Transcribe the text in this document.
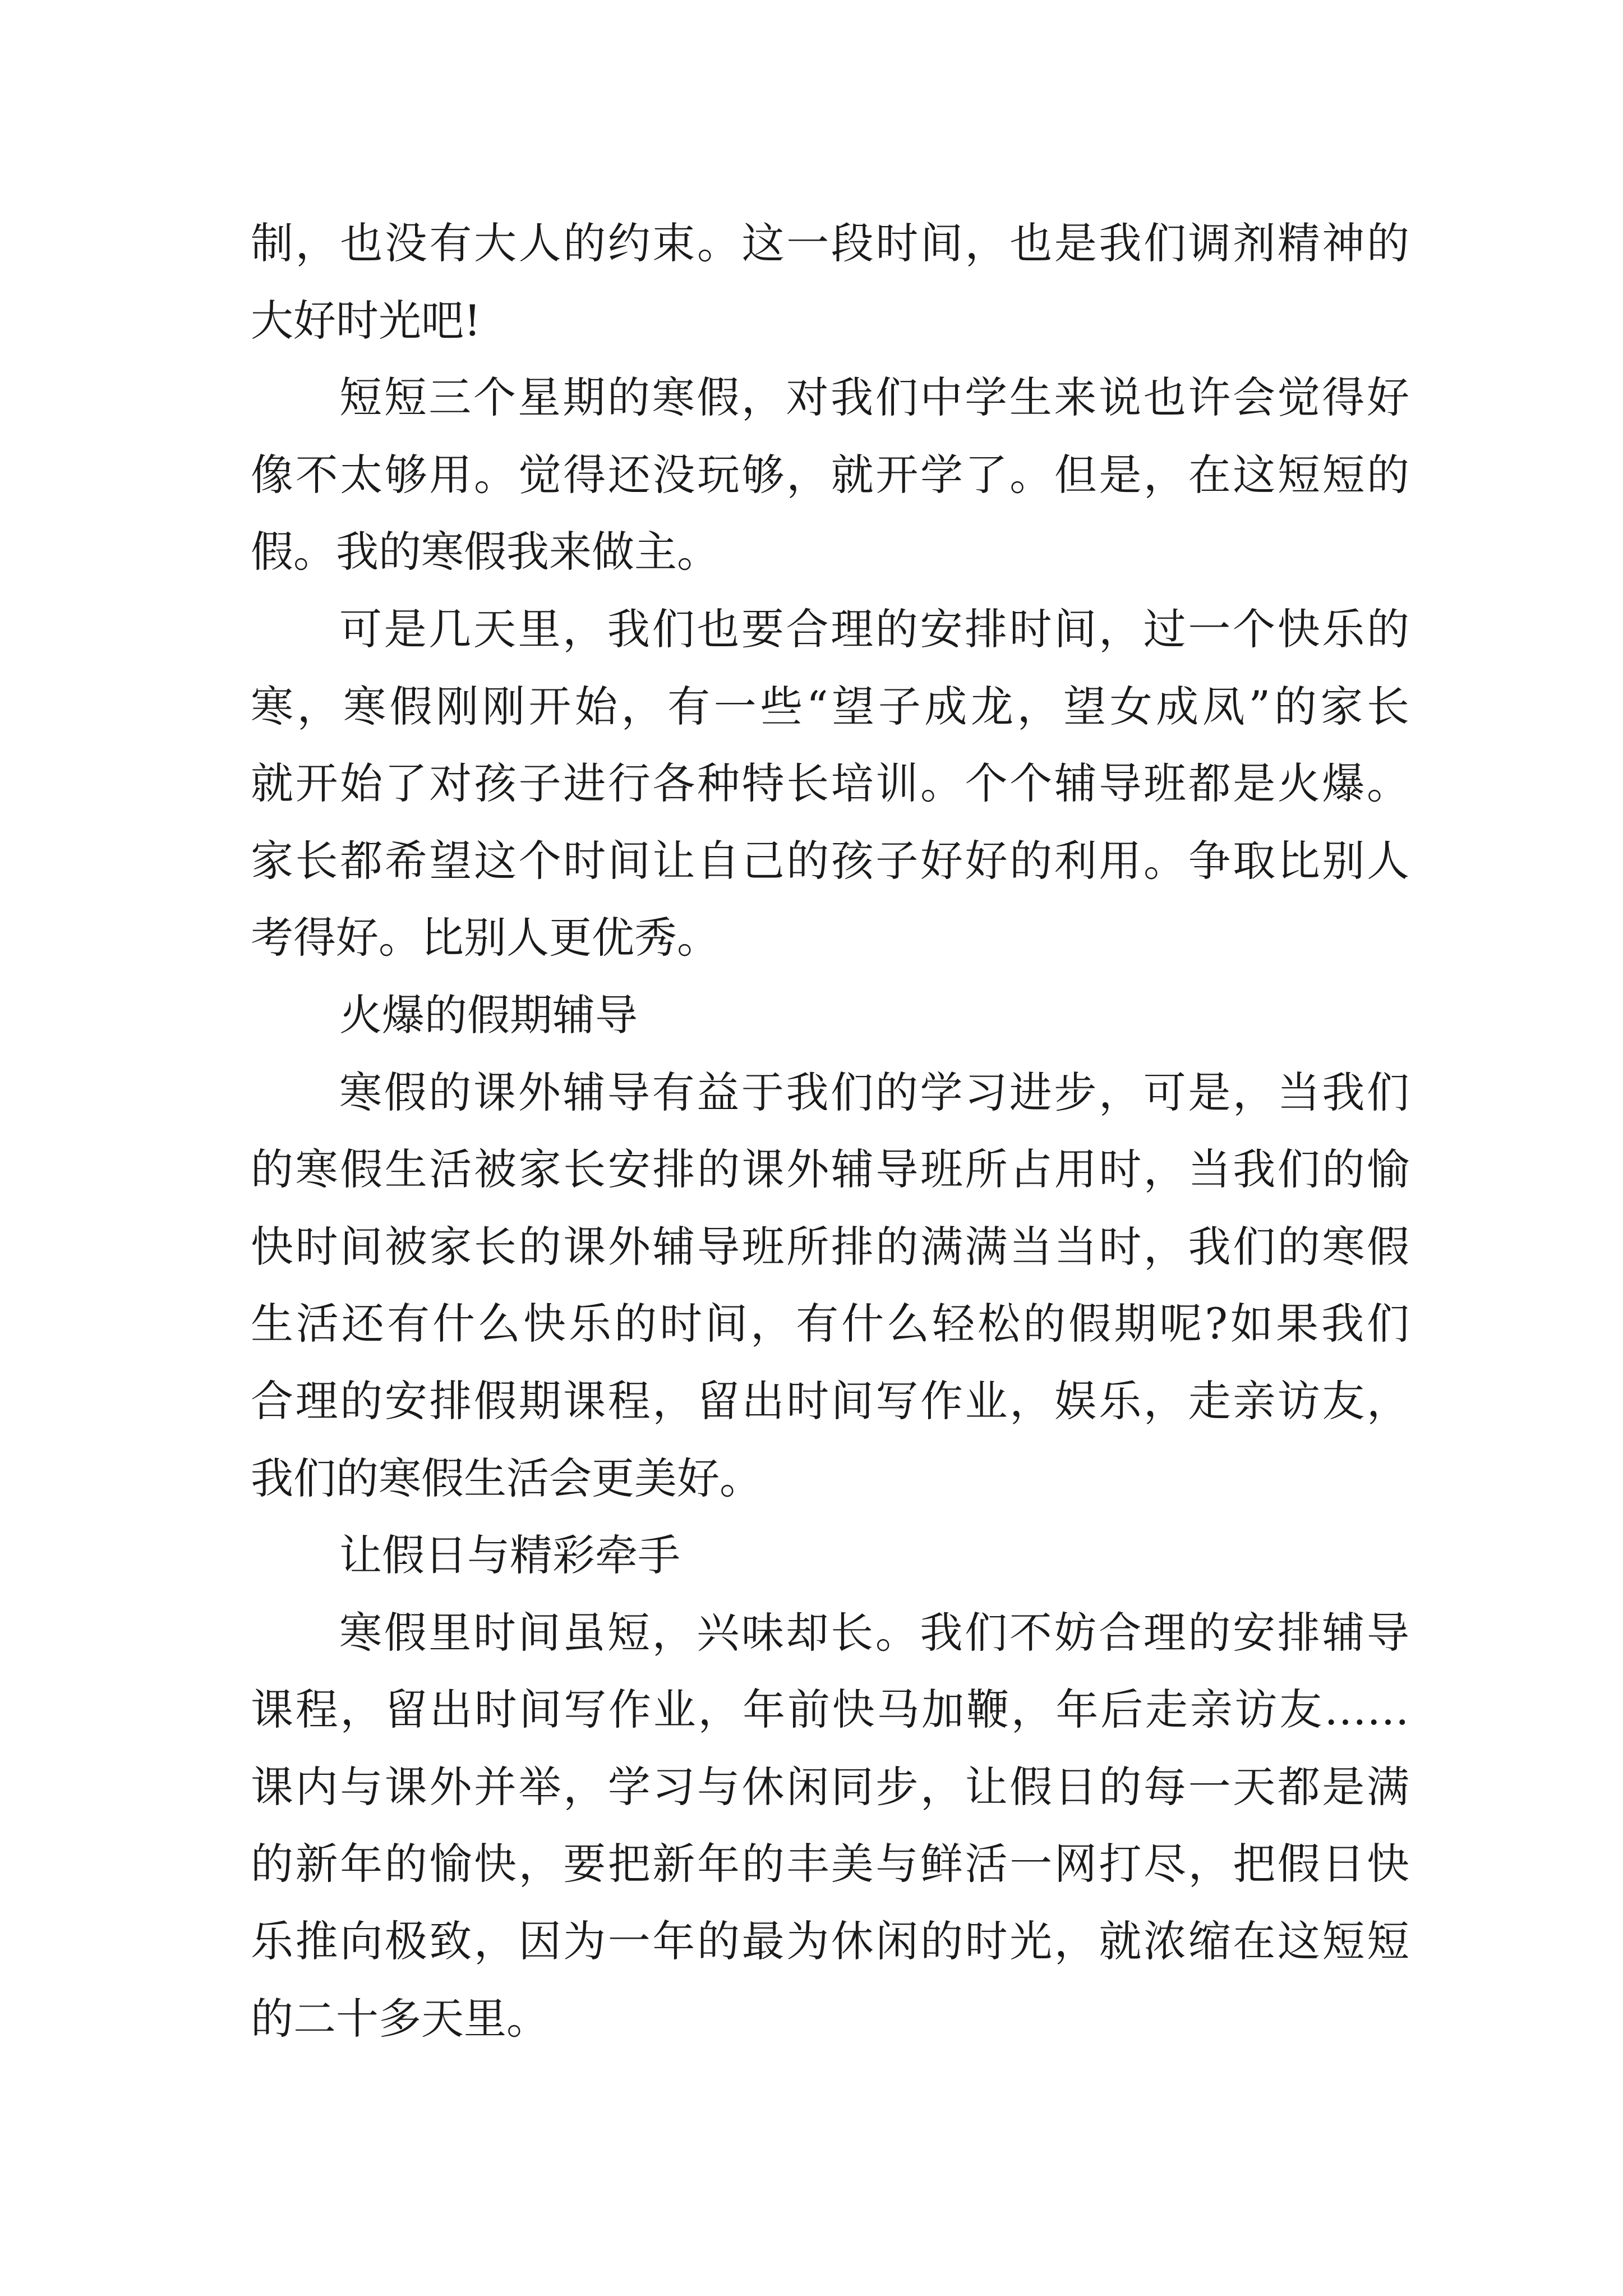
制，也没有大人的约束。这一段时间，也是我们调剂精神的
大好时光吧!
短短三个星期的寒假，对我们中学生来说也许会觉得好
像不太够用。觉得还没玩够，就开学了。但是，在这短短的
假。我的寒假我来做主。
可是几天里，我们也要合理的安排时间，过一个快乐的
寒，寒假刚刚开始，有一些“望子成龙，望女成凤”的家长
就开始了对孩子进行各种特长培训。个个辅导班都是火爆。
家长都希望这个时间让自己的孩子好好的利用。争取比别人
考得好。比别人更优秀。
火爆的假期辅导
寒假的课外辅导有益于我们的学习进步，可是，当我们
的寒假生活被家长安排的课外辅导班所占用时，当我们的愉
快时间被家长的课外辅导班所排的满满当当时，我们的寒假
生活还有什么快乐的时间，有什么轻松的假期呢?如果我们
合理的安排假期课程，留出时间写作业，娱乐，走亲访友，
我们的寒假生活会更美好。
让假日与精彩牵手
寒假里时间虽短，兴味却长。我们不妨合理的安排辅导
课程，留出时间写作业，年前快马加鞭，年后走亲访友……
课内与课外并举，学习与休闲同步，让假日的每一天都是满
的新年的愉快，要把新年的丰美与鲜活一网打尽，把假日快
乐推向极致，因为一年的最为休闲的时光，就浓缩在这短短
的二十多天里。
